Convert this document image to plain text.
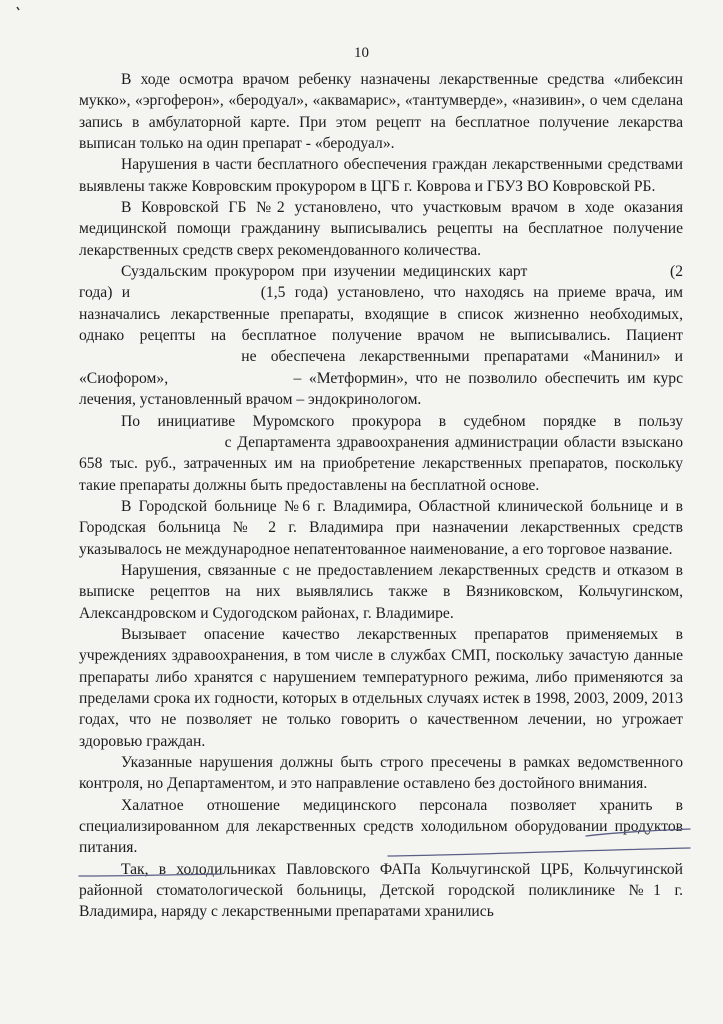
10

В ходе осмотра врачом ребенку назначены лекарственные средства «либексин мукко», «эргоферон», «беродуал», «аквамарис», «тантумверде», «називин», о чем сделана запись в амбулаторной карте. При этом рецепт на бесплатное получение лекарства выписан только на один препарат - «беродуал».

Нарушения в части бесплатного обеспечения граждан лекарственными средствами выявлены также Ковровским прокурором в ЦГБ г. Коврова и ГБУЗ ВО Ковровской РБ.

В Ковровской ГБ №2 установлено, что участковым врачом в ходе оказания медицинской помощи гражданину выписывались рецепты на бесплатное получение лекарственных средств сверх рекомендованного количества.

Суздальским прокурором при изучении медицинских карт	(2 года) и	(1,5 года) установлено, что находясь на приеме врача, им назначались лекарственные препараты, входящие в список жизненно необходимых, однако рецепты на бесплатное получение врачом не выписывались. Пациент  не обеспечена лекарственными препаратами «Манинил» и «Сиофором»,	– «Метформин», что не позволило обеспечить им курс лечения, установленный врачом – эндокринологом.

По инициативе Муромского прокурора в судебном порядке в пользу  с Департамента здравоохранения администрации области взыскано 658 тыс. руб., затраченных им на приобретение лекарственных препаратов, поскольку такие препараты должны быть предоставлены на бесплатной основе.

В Городской больнице №6 г. Владимира, Областной клинической больнице и в Городская больница № 2 г. Владимира при назначении лекарственных средств указывалось не международное непатентованное наименование, а его торговое название.

Нарушения, связанные с не предоставлением лекарственных средств и отказом в выписке рецептов на них выявлялись также в Вязниковском, Кольчугинском, Александровском и Судогодском районах, г. Владимире.

Вызывает опасение качество лекарственных препаратов применяемых в учреждениях здравоохранения, в том числе в службах СМП, поскольку зачастую данные препараты либо хранятся с нарушением температурного режима, либо применяются за пределами срока их годности, которых в отдельных случаях истек в 1998, 2003, 2009, 2013 годах, что не позволяет не только говорить о качественном лечении, но угрожает здоровью граждан.

Указанные нарушения должны быть строго пресечены в рамках ведомственного контроля, но Департаментом, и это направление оставлено без достойного внимания.

Халатное отношение медицинского персонала позволяет хранить в специализированном для лекарственных средств холодильном оборудовании продуктов питания.

Так, в холодильниках Павловского ФАПа Кольчугинской ЦРБ, Кольчугинской районной стоматологической больницы, Детской городской поликлинике №1 г. Владимира, наряду с лекарственными препаратами хранились
